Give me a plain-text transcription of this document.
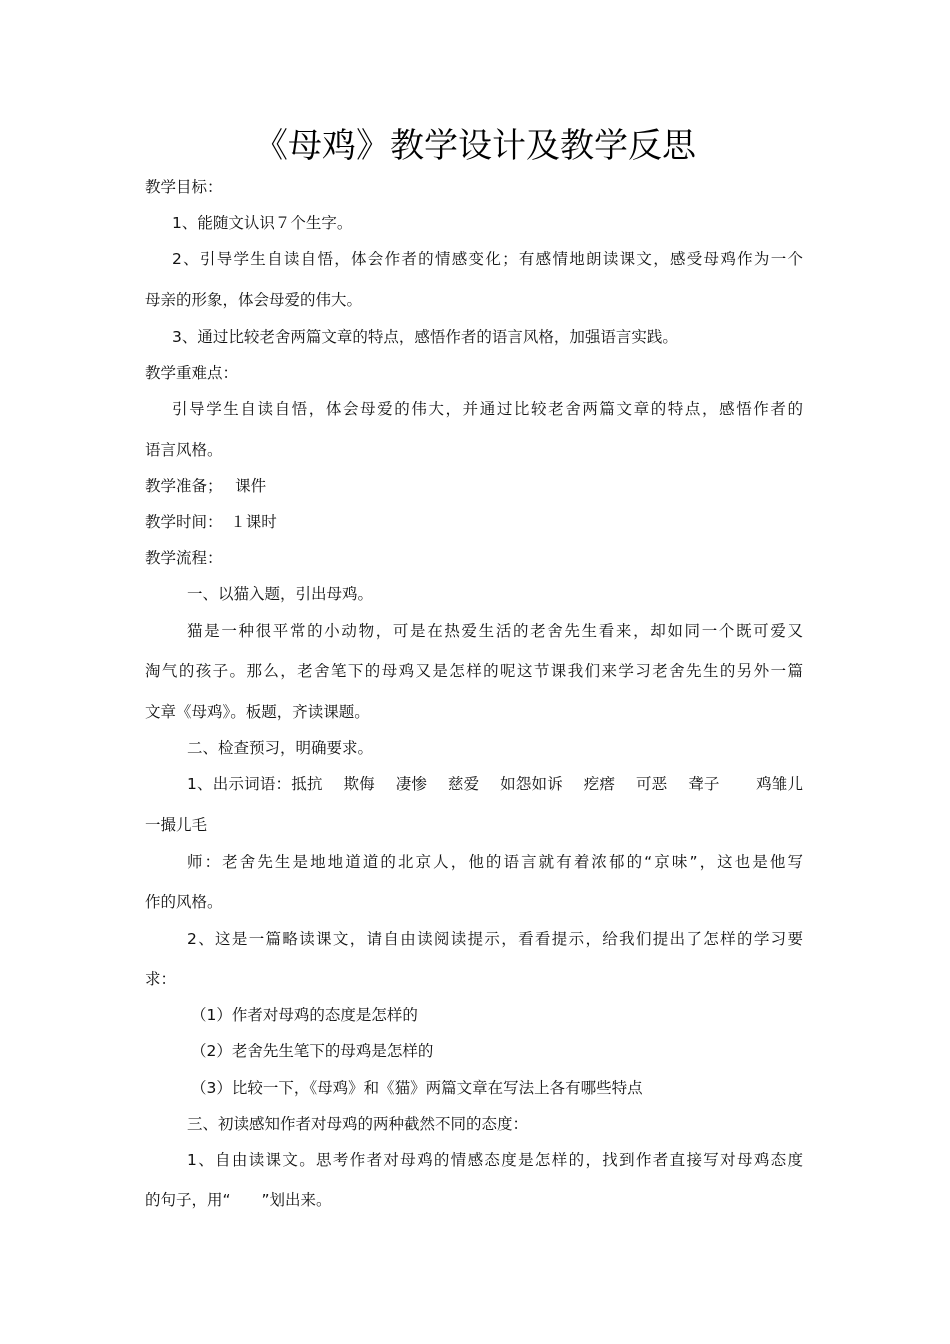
《母鸡》教学设计及教学反思
教学目标：
1、能随文认识７个生字。
2、引导学生自读自悟，体会作者的情感变化；有感情地朗读课文，感受母鸡作为一个
母亲的形象，体会母爱的伟大。
3、通过比较老舍两篇文章的特点，感悟作者的语言风格，加强语言实践。
教学重难点：
引导学生自读自悟，体会母爱的伟大，并通过比较老舍两篇文章的特点，感悟作者的
语言风格。
教学准备；　 课件
教学时间：　１课时
教学流程：
一、以猫入题，引出母鸡。
猫是一种很平常的小动物，可是在热爱生活的老舍先生看来，却如同一个既可爱又
淘气的孩子。那么，老舍笔下的母鸡又是怎样的呢这节课我们来学习老舍先生的另外一篇
文章《母鸡》。板题，齐读课题。
二、检查预习，明确要求。
1、出示词语：抵抗　 欺侮　 凄惨　 慈爱　 如怨如诉　 疙瘩　 可恶　 聋子　　 鸡雏儿
一撮儿毛
师：老舍先生是地地道道的北京人，他的语言就有着浓郁的“京味”，这也是他写
作的风格。
2、这是一篇略读课文，请自由读阅读提示，看看提示，给我们提出了怎样的学习要
求：
（1）作者对母鸡的态度是怎样的
（2）老舍先生笔下的母鸡是怎样的
（3）比较一下，《母鸡》和《猫》两篇文章在写法上各有哪些特点
三、初读感知作者对母鸡的两种截然不同的态度：
1、自由读课文。思考作者对母鸡的情感态度是怎样的，找到作者直接写对母鸡态度
的句子，用“　　”划出来。
